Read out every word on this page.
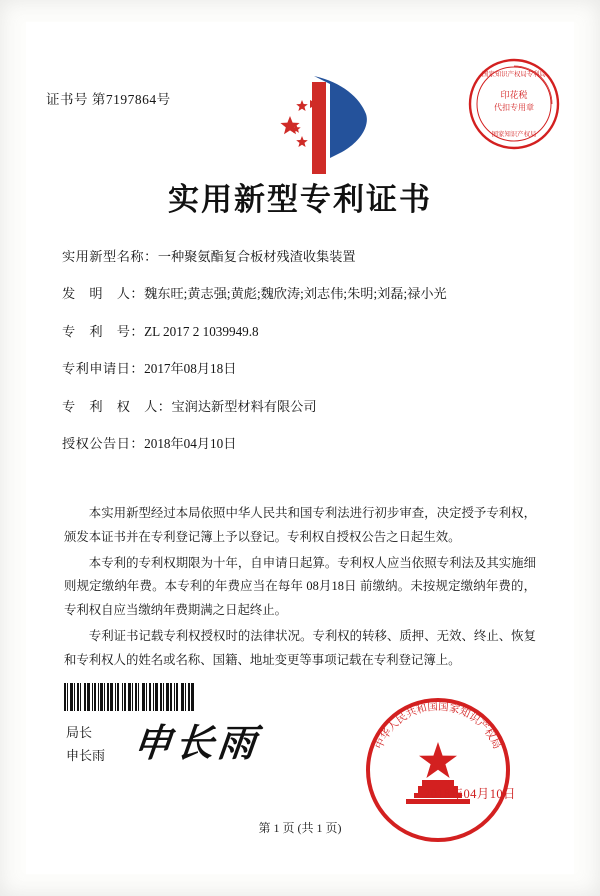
证书号 第7197864号	印花税
代扣专用章
国家知识产权局专利局
国家知识产权局
实用新型专利证书
实用新型名称：一种聚氨酯复合板材残渣收集装置
发　明　人：魏东旺;黄志强;黄彪;魏欣涛;刘志伟;朱明;刘磊;禄小光
专　利　号：ZL 2017 2 1039949.8
专利申请日：2017年08月18日
专　利　权　人：宝润达新型材料有限公司
授权公告日：2018年04月10日

本实用新型经过本局依照中华人民共和国专利法进行初步审查，决定授予专利权，颁发本证书并在专利登记簿上予以登记。专利权自授权公告之日起生效。

本专利的专利权期限为十年，自申请日起算。专利权人应当依照专利法及其实施细则规定缴纳年费。本专利的年费应当在每年 08月18日 前缴纳。未按规定缴纳年费的，专利权自应当缴纳年费期满之日起终止。

专利证书记载专利权授权时的法律状况。专利权的转移、质押、无效、终止、恢复和专利权人的姓名或名称、国籍、地址变更等事项记载在专利登记簿上。

局长
申长雨 申长雨	中华人民共和国国家知识产权局
2018年04月10日
第 1 页 (共 1 页)
